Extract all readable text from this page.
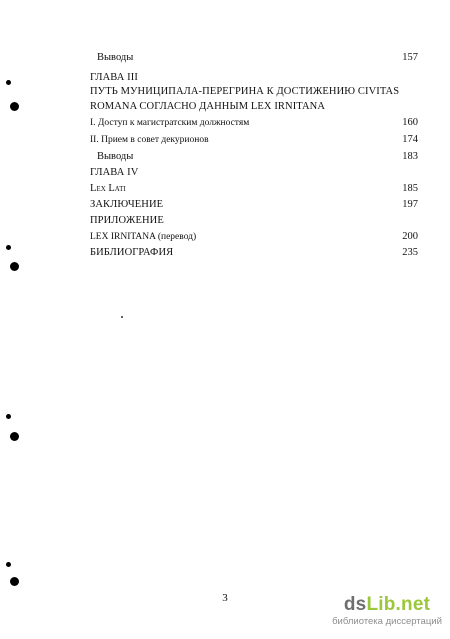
Выводы	157
ГЛАВА III
ПУТЬ МУНИЦИПАЛА-ПЕРЕГРИНА К ДОСТИЖЕНИЮ CIVITAS
ROMANA СОГЛАСНО ДАННЫМ LEX IRNITANA
I. Доступ к магистратским должностям	160
II. Прием в совет декурионов	174
Выводы	183
ГЛАВА IV
Lex Lati	185
ЗАКЛЮЧЕНИЕ	197
ПРИЛОЖЕНИЕ
LEX IRNITANA (перевод)	200
БИБЛИОГРАФИЯ	235
3	dsLib.net
библиотека диссертаций
